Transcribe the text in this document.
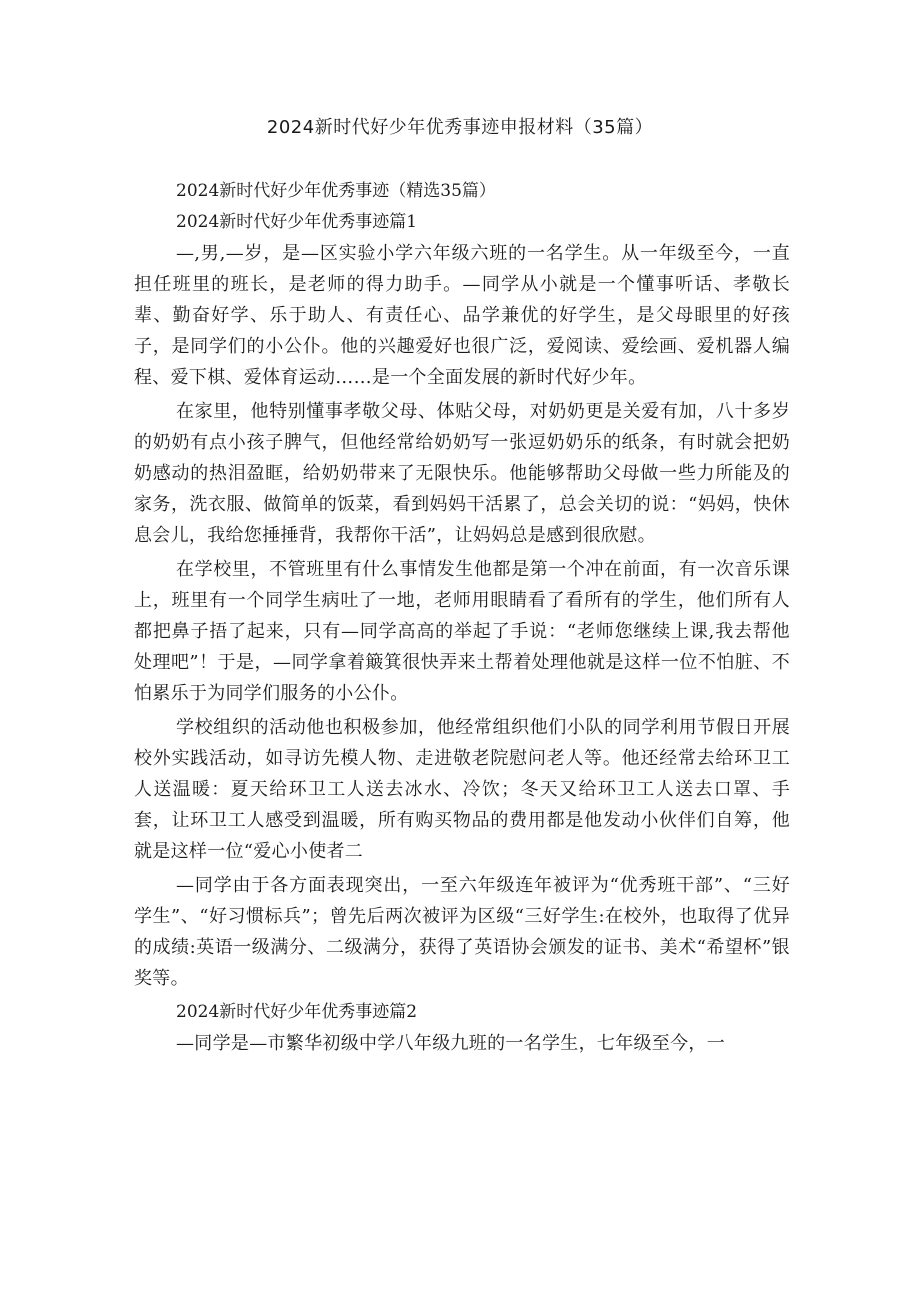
2024新时代好少年优秀事迹申报材料（35篇）

2024新时代好少年优秀事迹（精选35篇）

2024新时代好少年优秀事迹篇1

—,男,—岁，是—区实验小学六年级六班的一名学生。从一年级至今，一直担任班里的班长，是老师的得力助手。—同学从小就是一个懂事听话、孝敬长辈、勤奋好学、乐于助人、有责任心、品学兼优的好学生，是父母眼里的好孩子，是同学们的小公仆。他的兴趣爱好也很广泛，爱阅读、爱绘画、爱机器人编程、爱下棋、爱体育运动……是一个全面发展的新时代好少年。

在家里，他特别懂事孝敬父母、体贴父母，对奶奶更是关爱有加，八十多岁的奶奶有点小孩子脾气，但他经常给奶奶写一张逗奶奶乐的纸条，有时就会把奶奶感动的热泪盈眶，给奶奶带来了无限快乐。他能够帮助父母做一些力所能及的家务，洗衣服、做简单的饭菜，看到妈妈干活累了，总会关切的说：“妈妈，快休息会儿，我给您捶捶背，我帮你干活”，让妈妈总是感到很欣慰。

在学校里，不管班里有什么事情发生他都是第一个冲在前面，有一次音乐课上，班里有一个同学生病吐了一地，老师用眼睛看了看所有的学生，他们所有人都把鼻子捂了起来，只有—同学高高的举起了手说：“老师您继续上课,我去帮他处理吧”！于是，—同学拿着簸箕很快弄来土帮着处理他就是这样一位不怕脏、不怕累乐于为同学们服务的小公仆。

学校组织的活动他也积极参加，他经常组织他们小队的同学利用节假日开展校外实践活动，如寻访先模人物、走进敬老院慰问老人等。他还经常去给环卫工人送温暖：夏天给环卫工人送去冰水、冷饮；冬天又给环卫工人送去口罩、手套，让环卫工人感受到温暖，所有购买物品的费用都是他发动小伙伴们自筹，他就是这样一位“爱心小使者二

—同学由于各方面表现突出，一至六年级连年被评为“优秀班干部”、“三好学生”、“好习惯标兵”；曾先后两次被评为区级“三好学生:在校外，也取得了优异的成绩:英语一级满分、二级满分，获得了英语协会颁发的证书、美术“希望杯”银奖等。

2024新时代好少年优秀事迹篇2

—同学是—市繁华初级中学八年级九班的一名学生，七年级至今，一
